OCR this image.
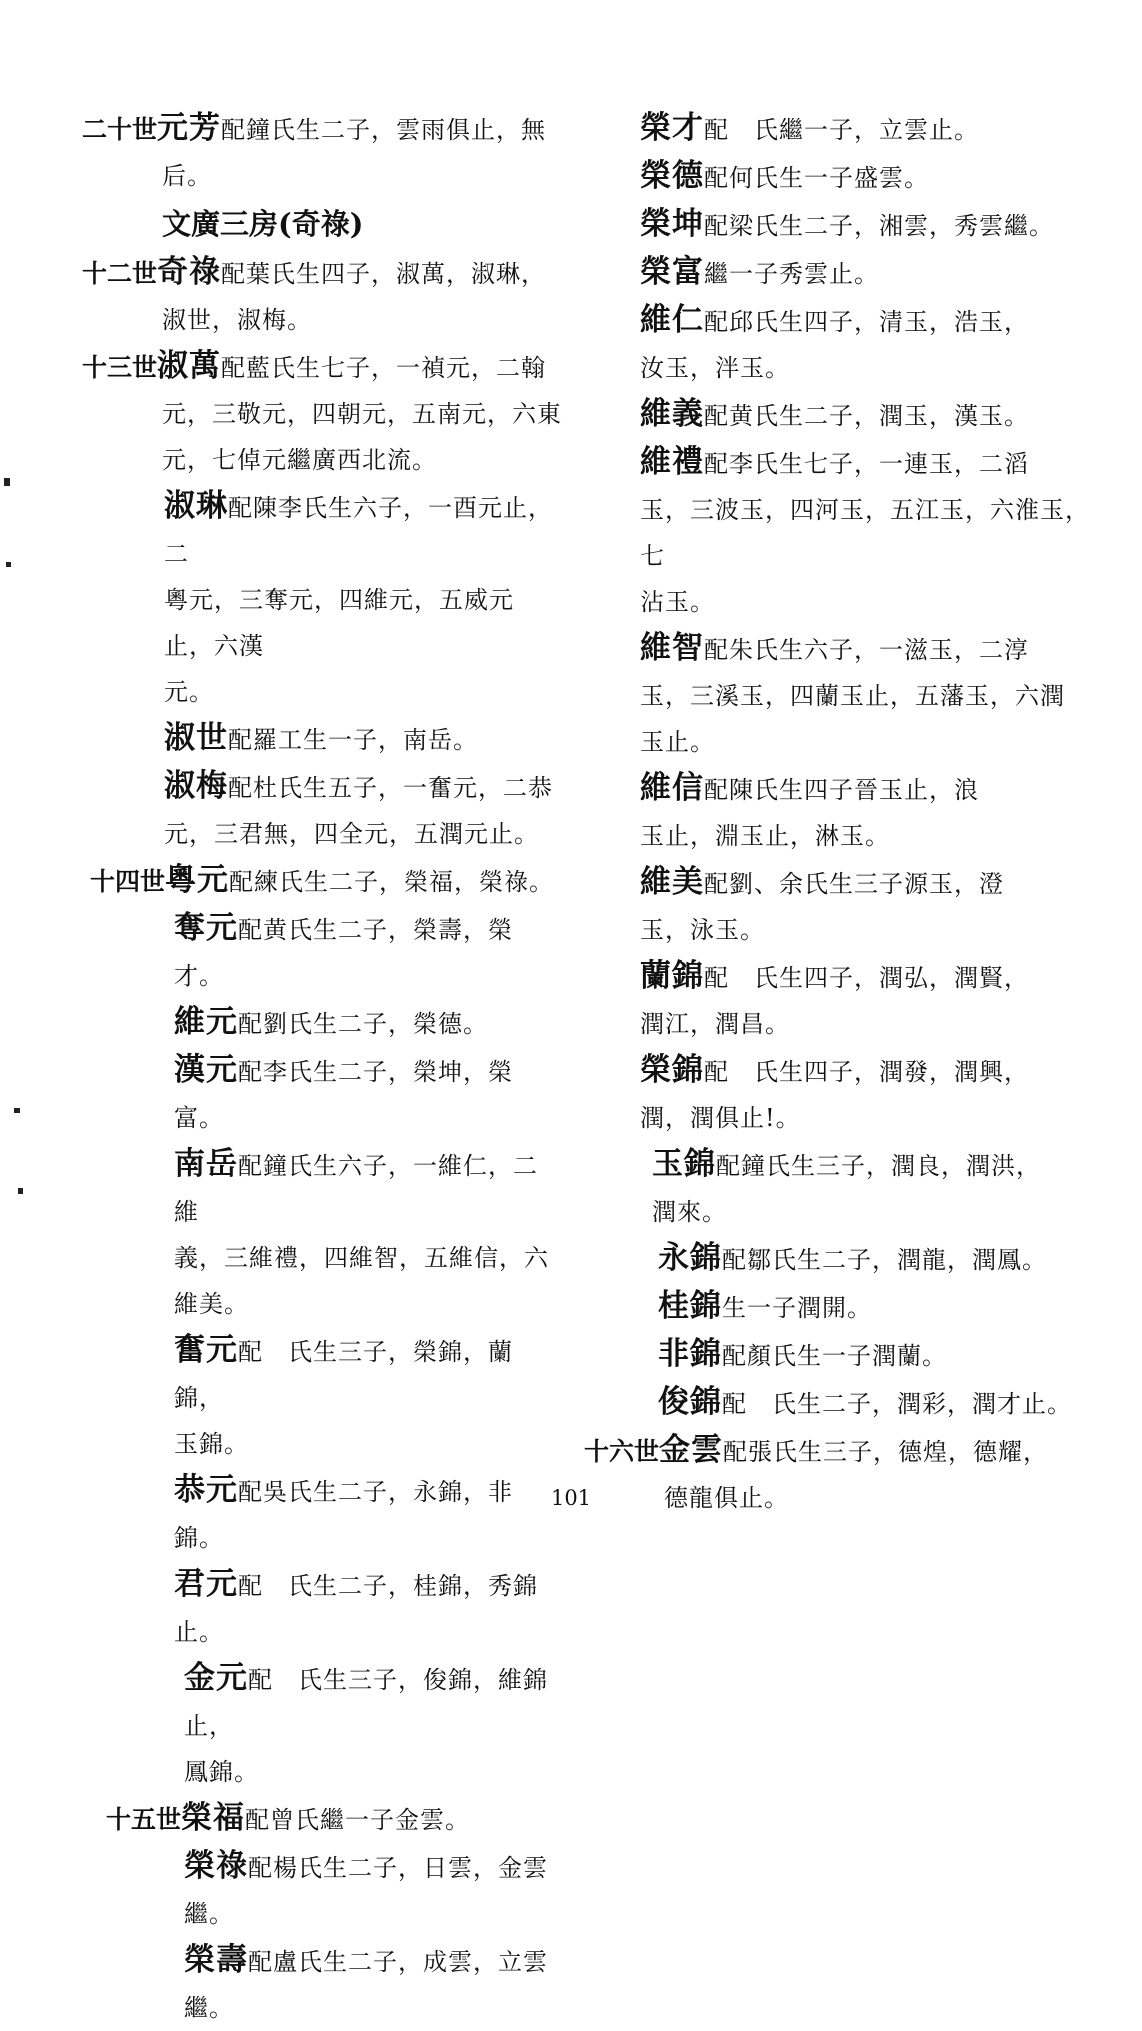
二十世元芳配鐘氏生二子，雲雨俱止，無
后。
文廣三房(奇祿)
十二世奇祿配葉氏生四子，淑萬，淑琳，
淑世，淑梅。
十三世淑萬配藍氏生七子，一禎元，二翰
元，三敬元，四朝元，五南元，六東
元，七倬元繼廣西北流。
淑琳配陳李氏生六子，一酉元止，二
粵元，三奪元，四維元，五威元止，六漢
元。
淑世配羅工生一子，南岳。
淑梅配杜氏生五子，一奮元，二恭
元，三君無，四全元，五潤元止。
十四世粵元配練氏生二子，榮福，榮祿。
奪元配黄氏生二子，榮壽，榮才。
維元配劉氏生二子，榮德。
漢元配李氏生二子，榮坤，榮富。
南岳配鐘氏生六子，一維仁，二維
義，三維禮，四維智，五維信，六維美。
奮元配　氏生三子，榮錦，蘭錦，
玉錦。
恭元配吳氏生二子，永錦，非錦。
君元配　氏生二子，桂錦，秀錦止。
金元配　氏生三子，俊錦，維錦止，
鳳錦。
十五世榮福配曾氏繼一子金雲。
榮祿配楊氏生二子，日雲，金雲繼。
榮壽配盧氏生二子，成雲，立雲繼。
榮才配　氏繼一子，立雲止。
榮德配何氏生一子盛雲。
榮坤配梁氏生二子，湘雲，秀雲繼。
榮富繼一子秀雲止。
維仁配邱氏生四子，清玉，浩玉，
汝玉，泮玉。
維義配黄氏生二子，潤玉，漢玉。
維禮配李氏生七子，一連玉，二滔
玉，三波玉，四河玉，五江玉，六淮玉，七
沾玉。
維智配朱氏生六子，一滋玉，二淳
玉，三溪玉，四蘭玉止，五藩玉，六潤
玉止。
維信配陳氏生四子晉玉止，浪
玉止，淵玉止，淋玉。
維美配劉、余氏生三子源玉，澄
玉，泳玉。
蘭錦配　氏生四子，潤弘，潤賢，
潤江，潤昌。
榮錦配　氏生四子，潤發，潤興，
潤，潤俱止!。
玉錦配鐘氏生三子，潤良，潤洪，
潤來。
永錦配鄒氏生二子，潤龍，潤鳳。
桂錦生一子潤開。
非錦配顏氏生一子潤蘭。
俊錦配　氏生二子，潤彩，潤才止。
十六世金雲配張氏生三子，德煌，德耀，
德龍俱止。
101
